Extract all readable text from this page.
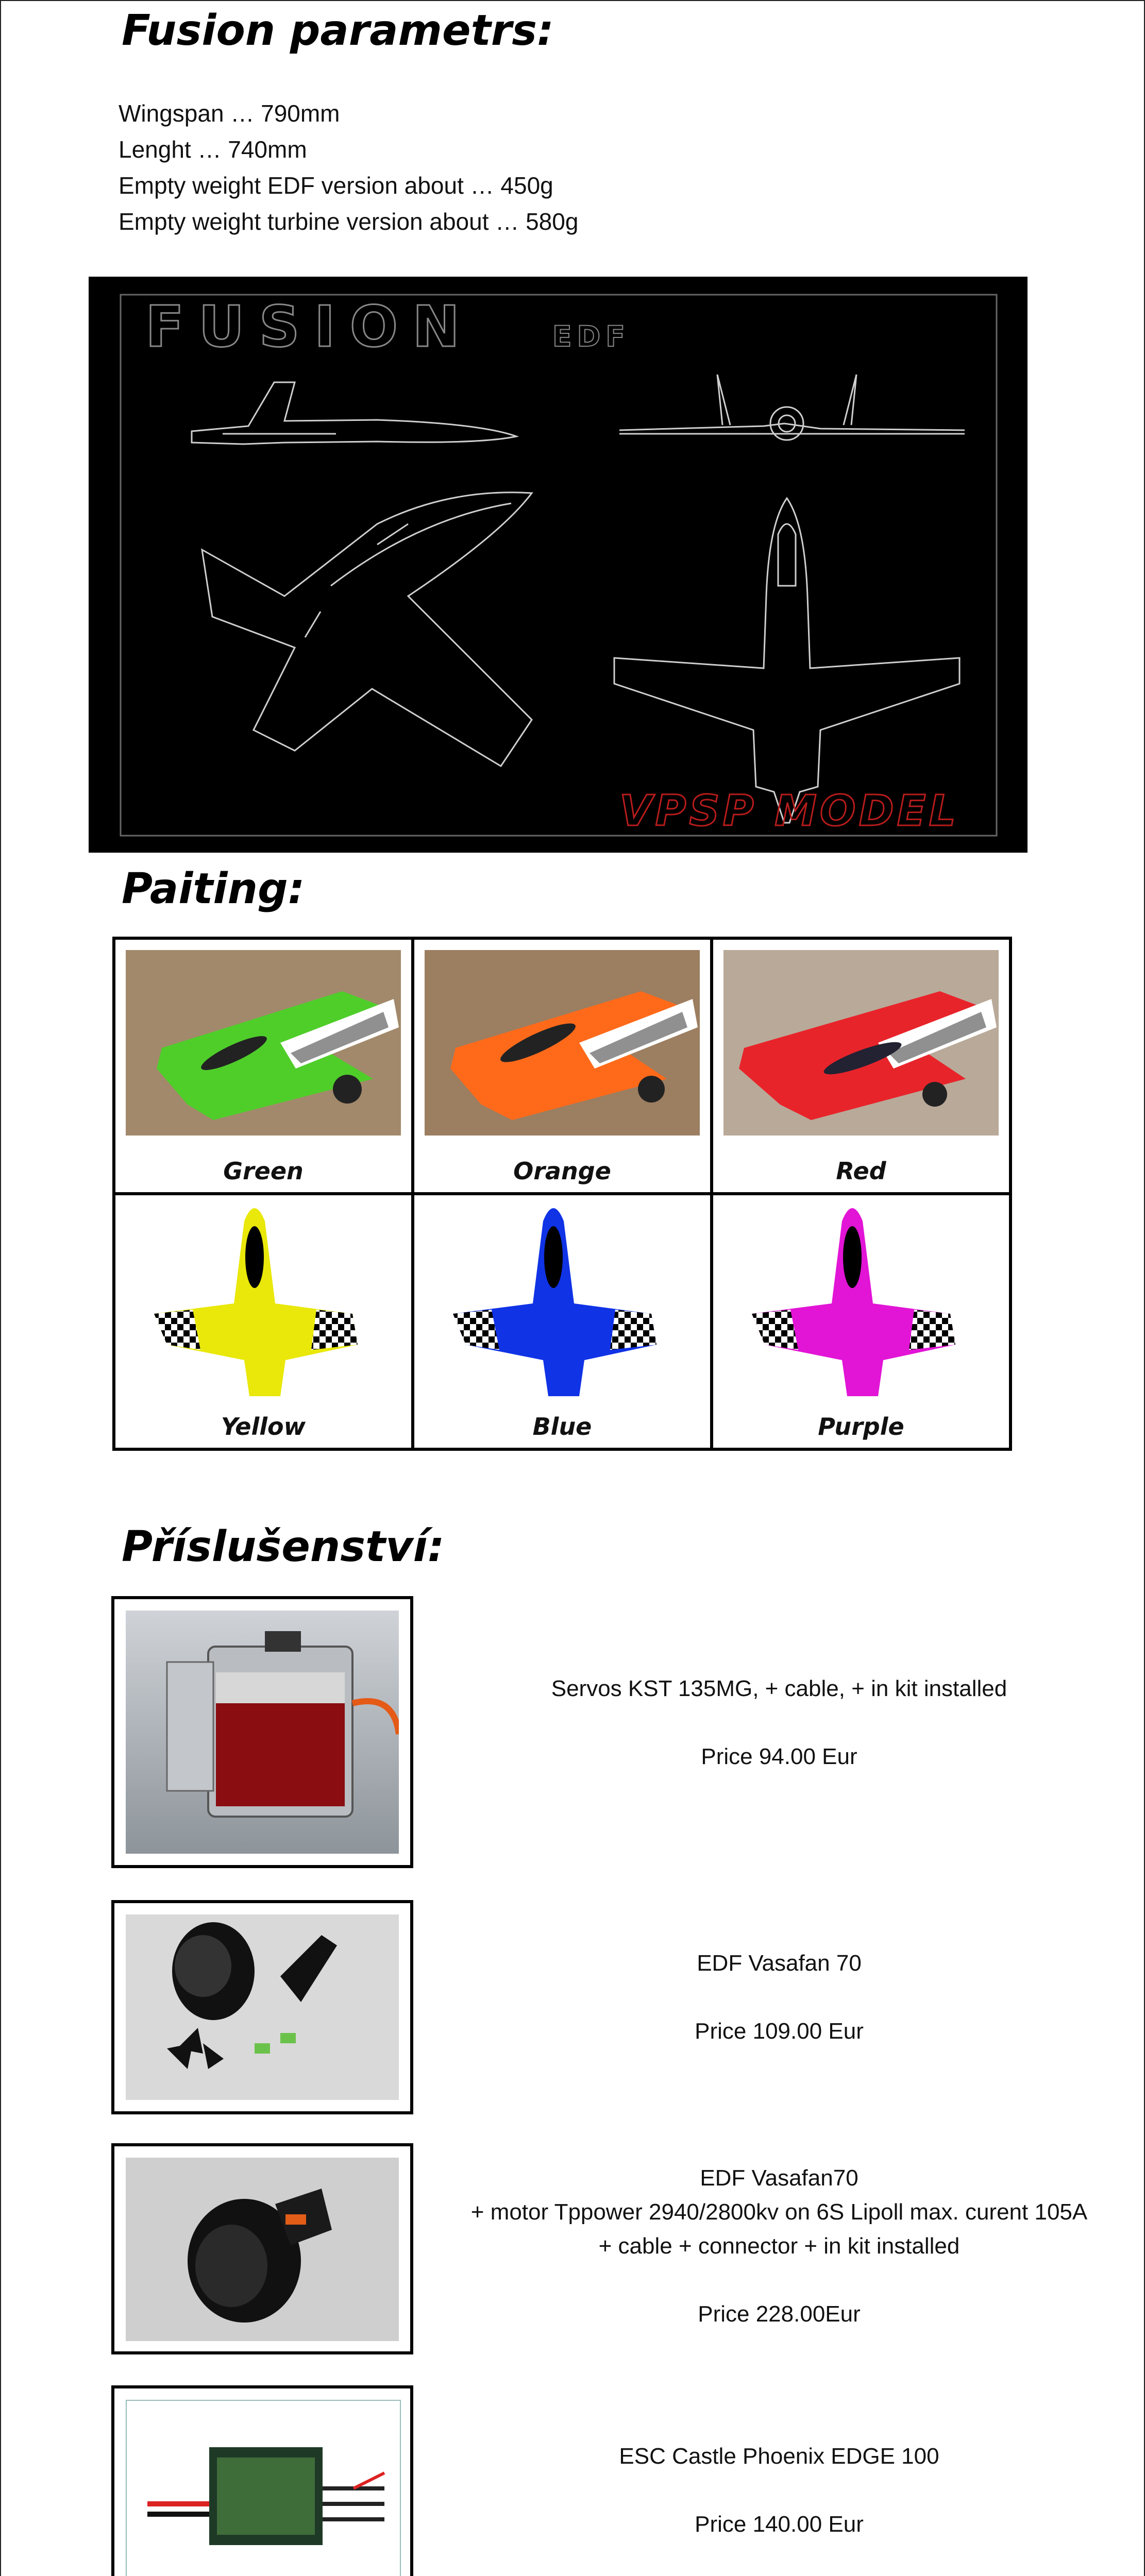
Fusion parametrs:
Wingspan … 790mm
Lenght … 740mm
Empty weight EDF version about … 450g
Empty weight turbine version about … 580g
FUSION	EDF
VPSP MODEL
Paiting:
Green	Orange	Red
Yellow	Blue	Purple
Příslušenství:
Servos KST 135MG, + cable, + in kit installed
Price 94.00 Eur
EDF Vasafan 70
Price 109.00 Eur
EDF Vasafan70
+ motor Tppower 2940/2800kv on 6S Lipoll max. curent 105A
+ cable + connector + in kit installed
Price 228.00Eur
ESC Castle Phoenix EDGE 100
Price 140.00 Eur
